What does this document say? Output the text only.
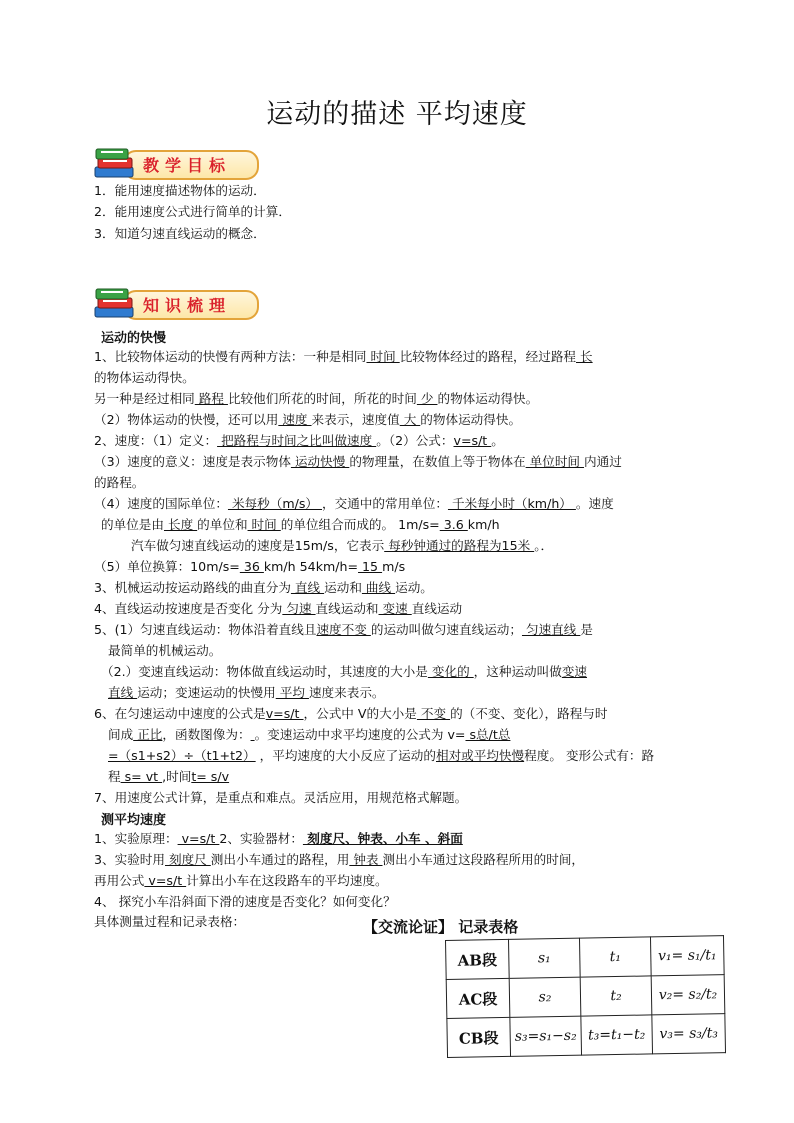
运动的描述 平均速度
教学目标
1．能用速度描述物体的运动．
2．能用速度公式进行简单的计算．
3．知道匀速直线运动的概念．
知识梳理
运动的快慢
1、比较物体运动的快慢有两种方法：一种是相同 时间 比较物体经过的路程，经过路程 长
的物体运动得快。
另一种是经过相同 路程 比较他们所花的时间，所花的时间 少 的物体运动得快。
（2）物体运动的快慢，还可以用 速度 来表示，速度值 大 的物体运动得快。
2、速度：（1）定义： 把路程与时间之比叫做速度 。（2）公式：v=s/t 。
（3）速度的意义：速度是表示物体 运动快慢 的物理量，在数值上等于物体在 单位时间 内通过
的路程。
（4）速度的国际单位： 米每秒（m/s） ，交通中的常用单位： 千米每小时（km/h） 。速度
的单位是由 长度 的单位和 时间 的单位组合而成的。 1m/s= 3.6 km/h
汽车做匀速直线运动的速度是15m/s，它表示 每秒钟通过的路程为15米 。．
（5）单位换算：10m/s= 36 km/h 54km/h= 15 m/s
3、机械运动按运动路线的曲直分为 直线 运动和 曲线 运动。
4、直线运动按速度是否变化 分为 匀速 直线运动和 变速 直线运动
5、(1）匀速直线运动：物体沿着直线且速度不变 的运动叫做匀速直线运动； 匀速直线 是
最简单的机械运动。
（2.）变速直线运动：物体做直线运动时，其速度的大小是 变化的 ，这种运动叫做变速
直线 运动；变速运动的快慢用 平均 速度来表示。
6、在匀速运动中速度的公式是v=s/t ，公式中 V的大小是 不变 的（不变、变化），路程与时
间成 正比，函数图像为： 。变速运动中求平均速度的公式为 v= s总/t总
=（s1+s2）÷（t1+t2） ，平均速度的大小反应了运动的相对或平均快慢程度。 变形公式有：路
程 s= vt ,时间t= s/v
7、用速度公式计算，是重点和难点。灵活应用，用规范格式解题。
测平均速度
1、实验原理： v=s/t 2、实验器材： 刻度尺、钟表、小车 、斜面
3、实验时用 刻度尺 测出小车通过的路程，用 钟表 测出小车通过这段路程所用的时间，
再用公式 v=s/t 计算出小车在这段路车的平均速度。
4、 探究小车沿斜面下滑的速度是否变化？如何变化？
具体测量过程和记录表格：	【交流论证】 记录表格
AB段	s₁	t₁	v₁= s₁/t₁
AC段	s₂	t₂	v₂= s₂/t₂
CB段	s₃=s₁−s₂	t₃=t₁−t₂	v₃= s₃/t₃
